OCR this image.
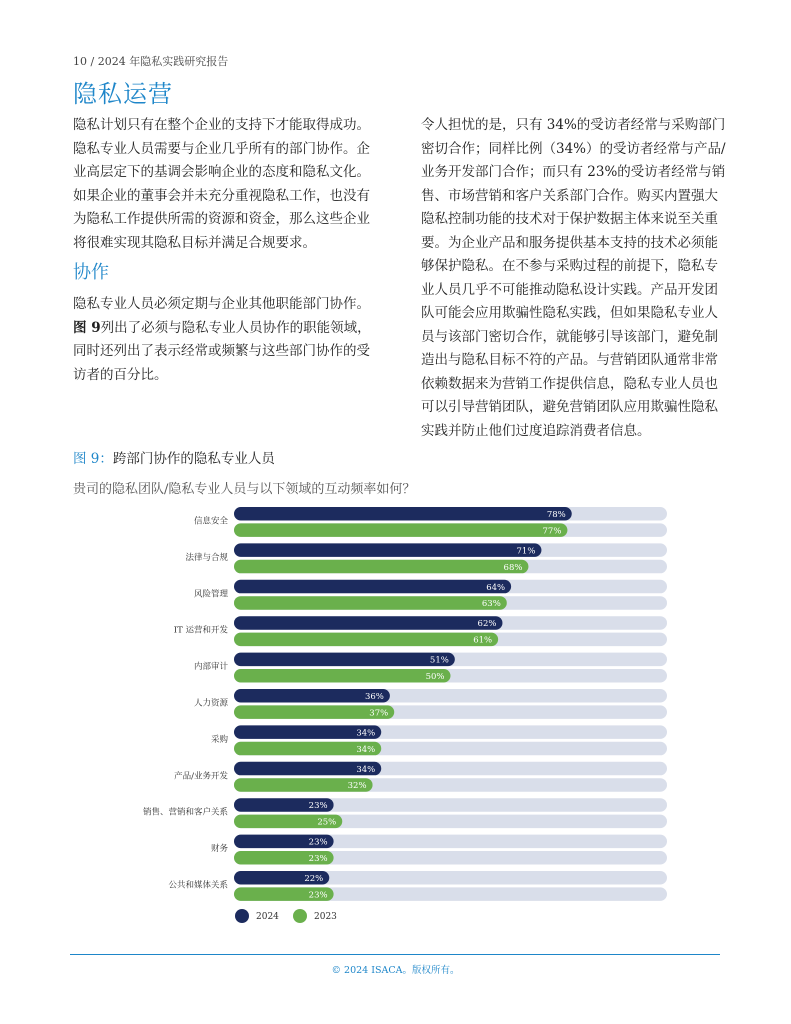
10 / 2024 年隐私实践研究报告
隐私运营

隐私计划只有在整个企业的支持下才能取得成功。隐私专业人员需要与企业几乎所有的部门协作。企业高层定下的基调会影响企业的态度和隐私文化。如果企业的董事会并未充分重视隐私工作，也没有为隐私工作提供所需的资源和资金，那么这些企业将很难实现其隐私目标并满足合规要求。

协作

隐私专业人员必须定期与企业其他职能部门协作。图 9列出了必须与隐私专业人员协作的职能领域，同时还列出了表示经常或频繁与这些部门协作的受访者的百分比。

令人担忧的是，只有 34%的受访者经常与采购部门密切合作；同样比例（34%）的受访者经常与产品/业务开发部门合作；而只有 23%的受访者经常与销售、市场营销和客户关系部门合作。购买内置强大隐私控制功能的技术对于保护数据主体来说至关重要。为企业产品和服务提供基本支持的技术必须能够保护隐私。在不参与采购过程的前提下，隐私专业人员几乎不可能推动隐私设计实践。产品开发团队可能会应用欺骗性隐私实践，但如果隐私专业人员与该部门密切合作，就能够引导该部门，避免制造出与隐私目标不符的产品。与营销团队通常非常依赖数据来为营销工作提供信息，隐私专业人员也可以引导营销团队，避免营销团队应用欺骗性隐私实践并防止他们过度追踪消费者信息。

图 9：跨部门协作的隐私专业人员
贵司的隐私团队/隐私专业人员与以下领域的互动频率如何？
信息安全
78%
77%
法律与合规
71%
68%
风险管理
64%
63%
IT 运营和开发
62%
61%
内部审计
51%
50%
人力资源
36%
37%
采购
34%
34%
产品/业务开发
34%
32%
销售、营销和客户关系
23%
25%
财务
23%
23%
公共和媒体关系
22%
23%
2024	2023
© 2024 ISACA。版权所有。
